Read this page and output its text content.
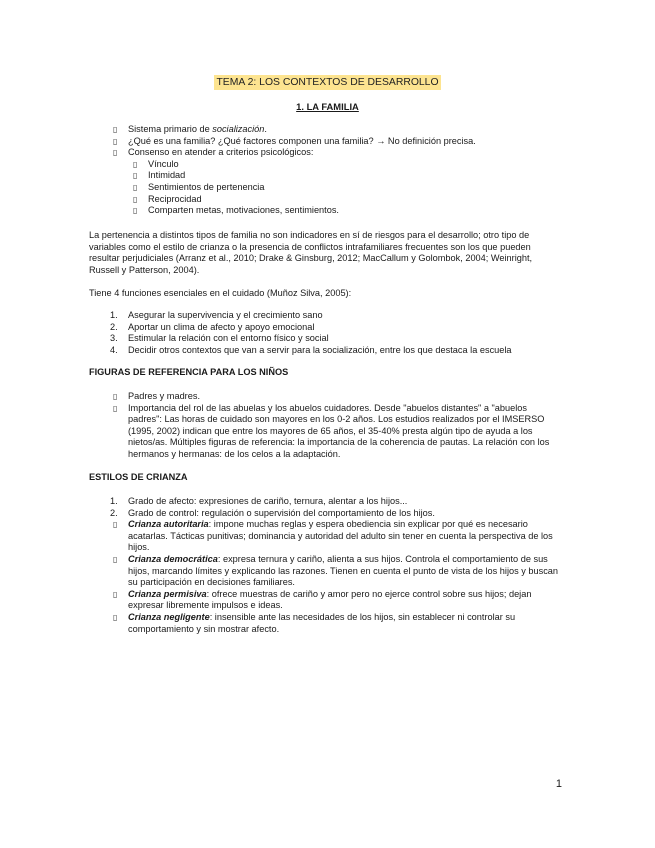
TEMA 2: LOS CONTEXTOS DE DESARROLLO
1. LA FAMILIA
▯ Sistema primario de socialización.
▯ ¿Qué es una familia? ¿Qué factores componen una familia? → No definición precisa.
▯ Consenso en atender a criterios psicológicos:
▯ Vínculo
▯ Intimidad
▯ Sentimientos de pertenencia
▯ Reciprocidad
▯ Comparten metas, motivaciones, sentimientos.
La pertenencia a distintos tipos de familia no son indicadores en sí de riesgos para el desarrollo; otro tipo de variables como el estilo de crianza o la presencia de conflictos intrafamiliares frecuentes son los que pueden resultar perjudiciales (Arranz et al., 2010; Drake & Ginsburg, 2012; MacCallum y Golombok, 2004; Weinright, Russell y Patterson, 2004).
Tiene 4 funciones esenciales en el cuidado (Muñoz Silva, 2005):
1. Asegurar la supervivencia y el crecimiento sano
2. Aportar un clima de afecto y apoyo emocional
3. Estimular la relación con el entorno físico y social
4. Decidir otros contextos que van a servir para la socialización, entre los que destaca la escuela
FIGURAS DE REFERENCIA PARA LOS NIÑOS
▯ Padres y madres.
▯ Importancia del rol de las abuelas y los abuelos cuidadores. Desde "abuelos distantes" a "abuelos padres": Las horas de cuidado son mayores en los 0-2 años. Los estudios realizados por el IMSERSO (1995, 2002) indican que entre los mayores de 65 años, el 35-40% presta algún tipo de ayuda a los nietos/as. Múltiples figuras de referencia: la importancia de la coherencia de pautas. La relación con los hermanos y hermanas: de los celos a la adaptación.
ESTILOS DE CRIANZA
1. Grado de afecto: expresiones de cariño, ternura, alentar a los hijos...
2. Grado de control: regulación o supervisión del comportamiento de los hijos.
▯ Crianza autoritaria: impone muchas reglas y espera obediencia sin explicar por qué es necesario acatarlas. Tácticas punitivas; dominancia y autoridad del adulto sin tener en cuenta la perspectiva de los hijos.
▯ Crianza democrática: expresa ternura y cariño, alienta a sus hijos. Controla el comportamiento de sus hijos, marcando límites y explicando las razones. Tienen en cuenta el punto de vista de los hijos y buscan su participación en decisiones familiares.
▯ Crianza permisiva: ofrece muestras de cariño y amor pero no ejerce control sobre sus hijos; dejan expresar libremente impulsos e ideas.
▯ Crianza negligente: insensible ante las necesidades de los hijos, sin establecer ni controlar su comportamiento y sin mostrar afecto.
1
